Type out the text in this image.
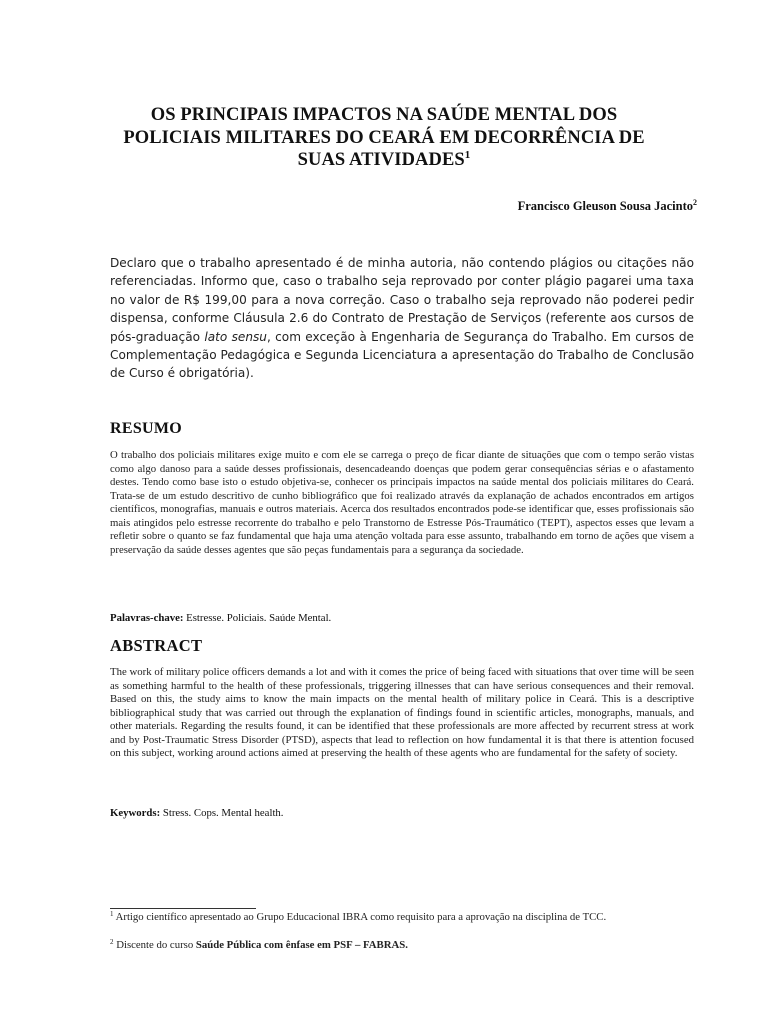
OS PRINCIPAIS IMPACTOS NA SAÚDE MENTAL DOS POLICIAIS MILITARES DO CEARÁ EM DECORRÊNCIA DE SUAS ATIVIDADES$^1$
Francisco Gleuson Sousa Jacinto$^2$
Declaro que o trabalho apresentado é de minha autoria, não contendo plágios ou citações não referenciadas. Informo que, caso o trabalho seja reprovado por conter plágio pagarei uma taxa no valor de R$ 199,00 para a nova correção. Caso o trabalho seja reprovado não poderei pedir dispensa, conforme Cláusula 2.6 do Contrato de Prestação de Serviços (referente aos cursos de pós-graduação lato sensu, com exceção à Engenharia de Segurança do Trabalho. Em cursos de Complementação Pedagógica e Segunda Licenciatura a apresentação do Trabalho de Conclusão de Curso é obrigatória).
RESUMO
O trabalho dos policiais militares exige muito e com ele se carrega o preço de ficar diante de situações que com o tempo serão vistas como algo danoso para a saúde desses profissionais, desencadeando doenças que podem gerar consequências sérias e o afastamento destes. Tendo como base isto o estudo objetiva-se, conhecer os principais impactos na saúde mental dos policiais militares do Ceará. Trata-se de um estudo descritivo de cunho bibliográfico que foi realizado através da explanação de achados encontrados em artigos científicos, monografias, manuais e outros materiais. Acerca dos resultados encontrados pode-se identificar que, esses profissionais são mais atingidos pelo estresse recorrente do trabalho e pelo Transtorno de Estresse Pós-Traumático (TEPT), aspectos esses que levam a refletir sobre o quanto se faz fundamental que haja uma atenção voltada para esse assunto, trabalhando em torno de ações que visem a preservação da saúde desses agentes que são peças fundamentais para a segurança da sociedade.
Palavras-chave: Estresse. Policiais. Saúde Mental.
ABSTRACT
The work of military police officers demands a lot and with it comes the price of being faced with situations that over time will be seen as something harmful to the health of these professionals, triggering illnesses that can have serious consequences and their removal. Based on this, the study aims to know the main impacts on the mental health of military police in Ceará. This is a descriptive bibliographical study that was carried out through the explanation of findings found in scientific articles, monographs, manuals, and other materials. Regarding the results found, it can be identified that these professionals are more affected by recurrent stress at work and by Post-Traumatic Stress Disorder (PTSD), aspects that lead to reflection on how fundamental it is that there is attention focused on this subject, working around actions aimed at preserving the health of these agents who are fundamental for the safety of society.
Keywords: Stress. Cops. Mental health.
$^1$ Artigo científico apresentado ao Grupo Educacional IBRA como requisito para a aprovação na disciplina de TCC.
$^2$ Discente do curso Saúde Pública com ênfase em PSF – FABRAS.
